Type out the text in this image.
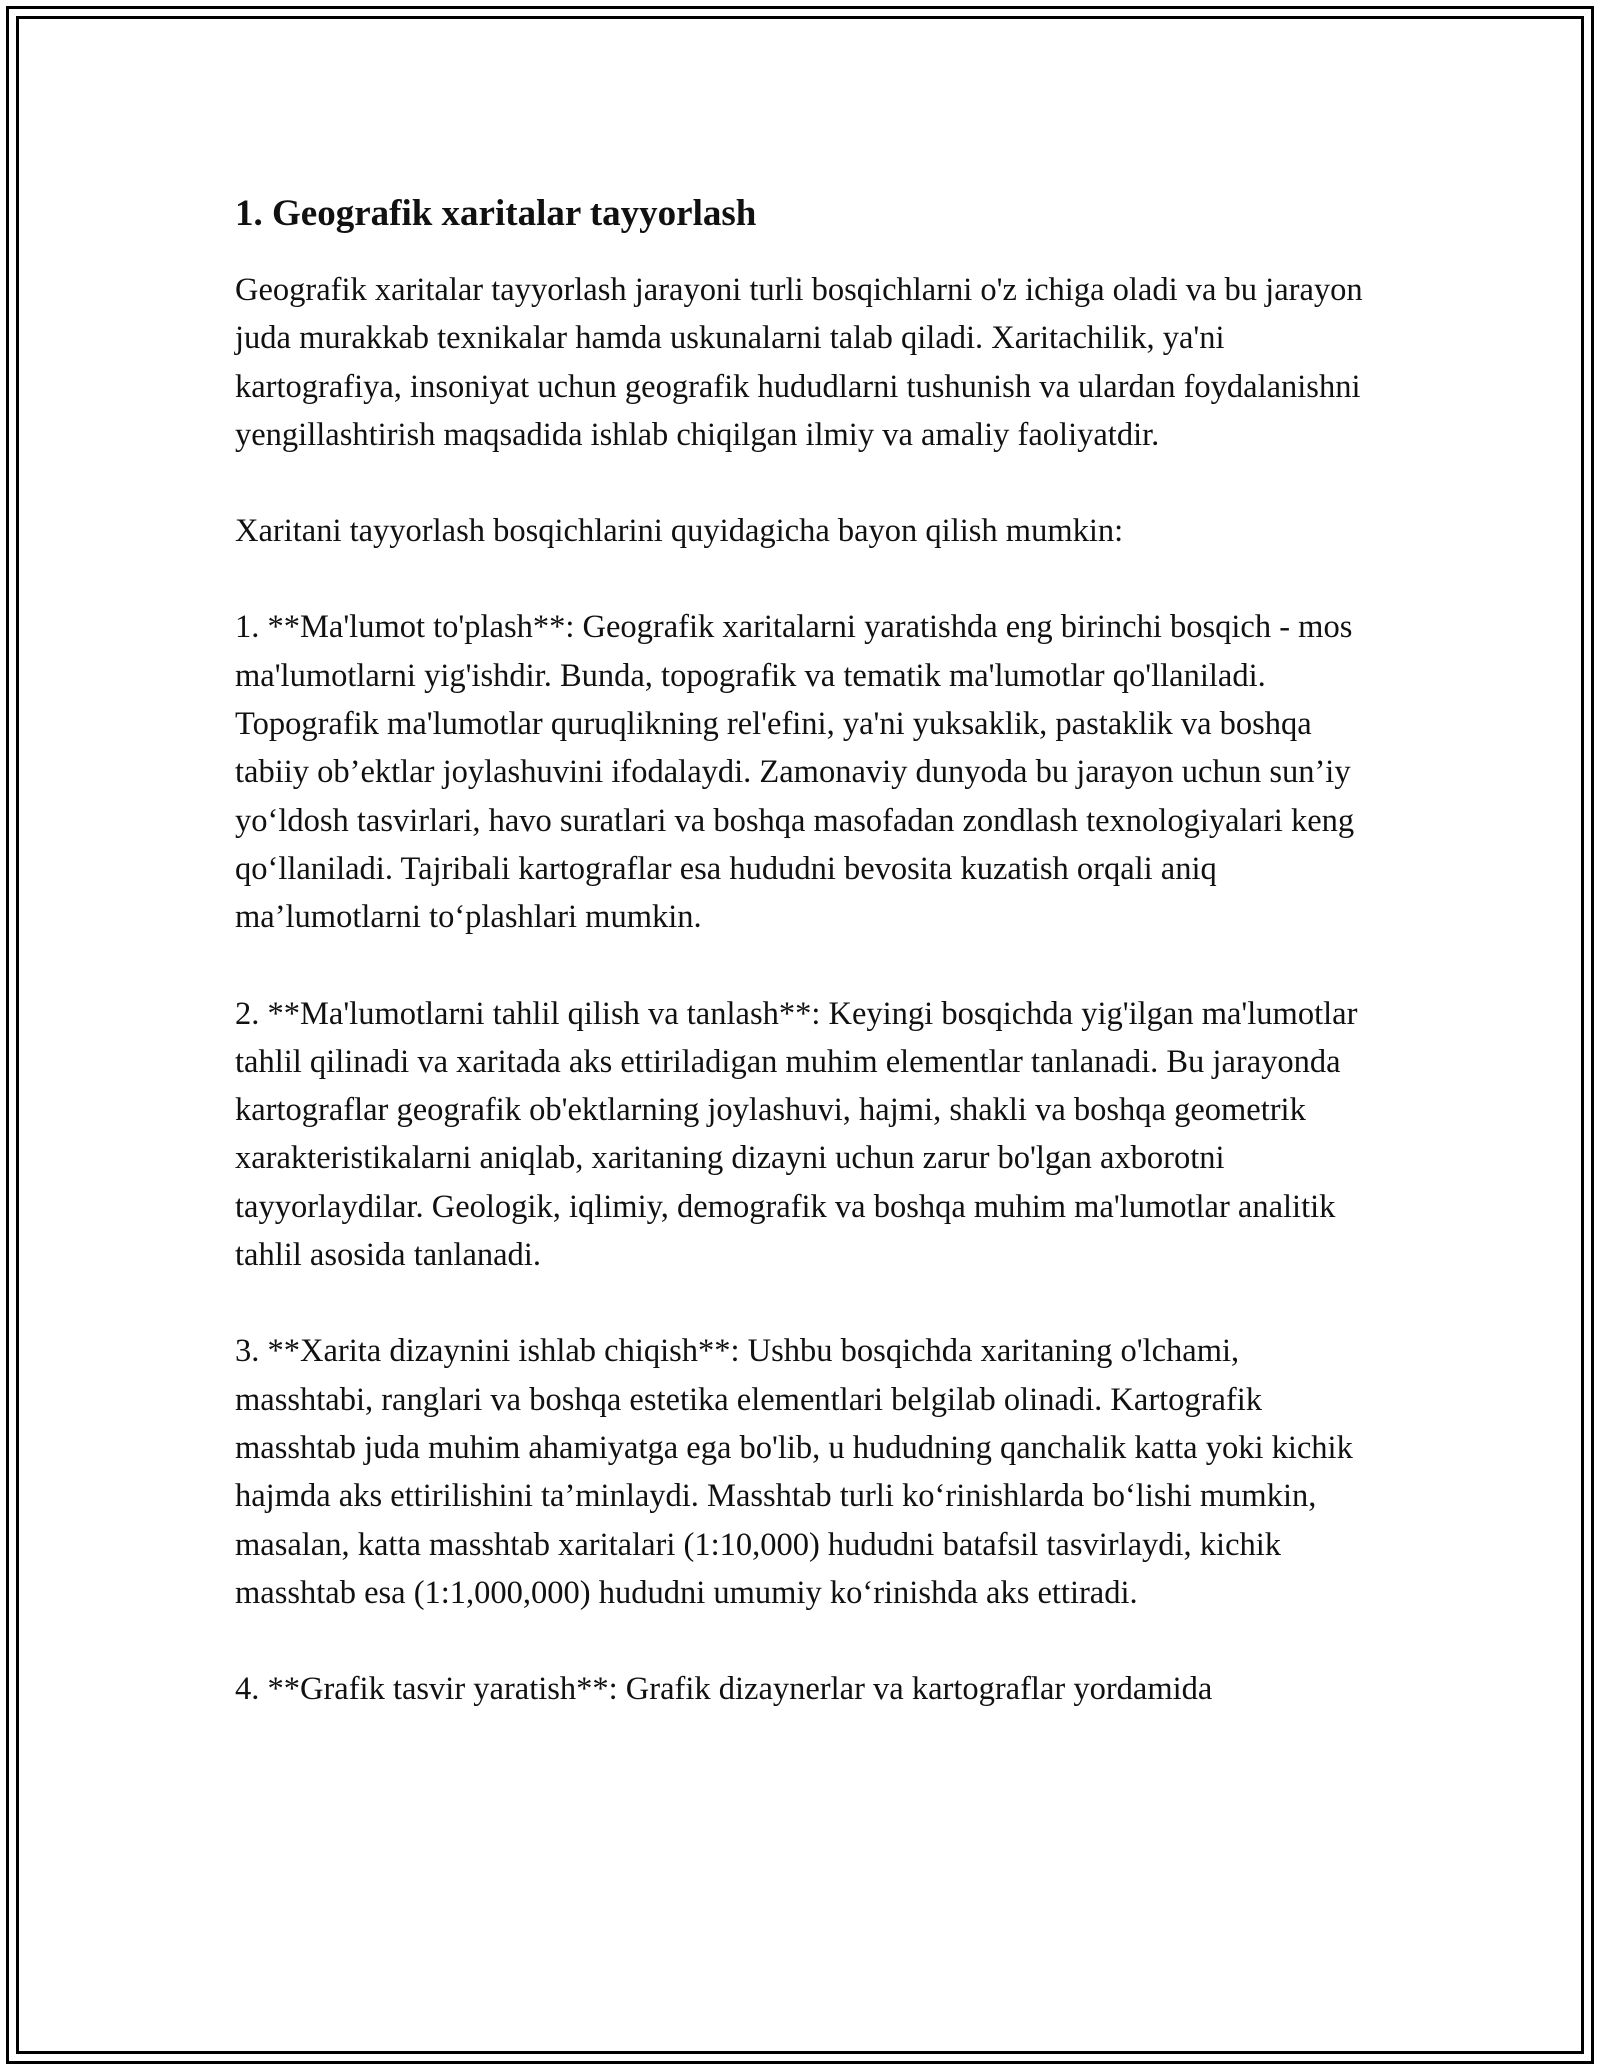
1. Geografik xaritalar tayyorlash

Geografik xaritalar tayyorlash jarayoni turli bosqichlarni o'z ichiga oladi va bu jarayon juda murakkab texnikalar hamda uskunalarni talab qiladi. Xaritachilik, ya'ni kartografiya, insoniyat uchun geografik hududlarni tushunish va ulardan foydalanishni yengillashtirish maqsadida ishlab chiqilgan ilmiy va amaliy faoliyatdir.

Xaritani tayyorlash bosqichlarini quyidagicha bayon qilish mumkin:

1. **Ma'lumot to'plash**: Geografik xaritalarni yaratishda eng birinchi bosqich - mos ma'lumotlarni yig'ishdir. Bunda, topografik va tematik ma'lumotlar qo'llaniladi. Topografik ma'lumotlar quruqlikning rel'efini, ya'ni yuksaklik, pastaklik va boshqa tabiiy ob’ektlar joylashuvini ifodalaydi. Zamonaviy dunyoda bu jarayon uchun sun’iy yo‘ldosh tasvirlari, havo suratlari va boshqa masofadan zondlash texnologiyalari keng qo‘llaniladi. Tajribali kartograflar esa hududni bevosita kuzatish orqali aniq ma’lumotlarni to‘plashlari mumkin.

2. **Ma'lumotlarni tahlil qilish va tanlash**: Keyingi bosqichda yig'ilgan ma'lumotlar tahlil qilinadi va xaritada aks ettiriladigan muhim elementlar tanlanadi. Bu jarayonda kartograflar geografik ob'ektlarning joylashuvi, hajmi, shakli va boshqa geometrik xarakteristikalarni aniqlab, xaritaning dizayni uchun zarur bo'lgan axborotni tayyorlaydilar. Geologik, iqlimiy, demografik va boshqa muhim ma'lumotlar analitik tahlil asosida tanlanadi.

3. **Xarita dizaynini ishlab chiqish**: Ushbu bosqichda xaritaning o'lchami, masshtabi, ranglari va boshqa estetika elementlari belgilab olinadi. Kartografik masshtab juda muhim ahamiyatga ega bo'lib, u hududning qanchalik katta yoki kichik hajmda aks ettirilishini ta’minlaydi. Masshtab turli ko‘rinishlarda bo‘lishi mumkin, masalan, katta masshtab xaritalari (1:10,000) hududni batafsil tasvirlaydi, kichik masshtab esa (1:1,000,000) hududni umumiy ko‘rinishda aks ettiradi.

4. **Grafik tasvir yaratish**: Grafik dizaynerlar va kartograflar yordamida
